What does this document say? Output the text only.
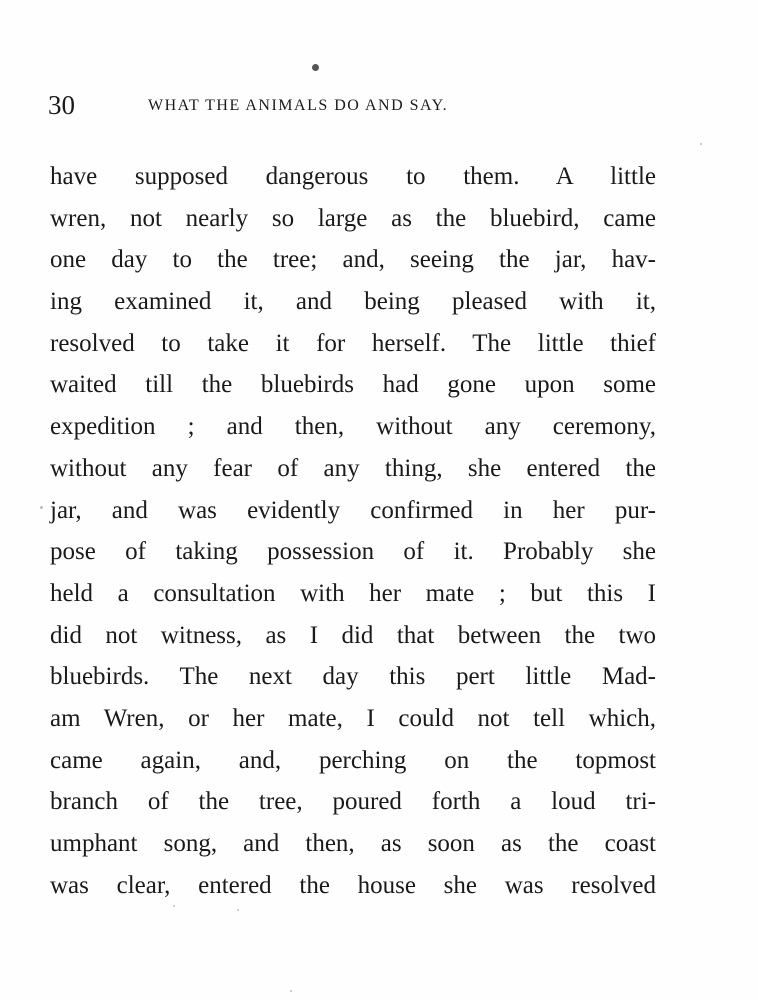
30	WHAT THE ANIMALS DO AND SAY.
have supposed dangerous to them. A little
wren, not nearly so large as the bluebird, came
one day to the tree; and, seeing the jar, hav-
ing examined it, and being pleased with it,
resolved to take it for herself. The little thief
waited till the bluebirds had gone upon some
expedition ; and then, without any ceremony,
without any fear of any thing, she entered the
jar, and was evidently confirmed in her pur-
pose of taking possession of it. Probably she
held a consultation with her mate ; but this I
did not witness, as I did that between the two
bluebirds. The next day this pert little Mad-
am Wren, or her mate, I could not tell which,
came again, and, perching on the topmost
branch of the tree, poured forth a loud tri-
umphant song, and then, as soon as the coast
was clear, entered the house she was resolved
